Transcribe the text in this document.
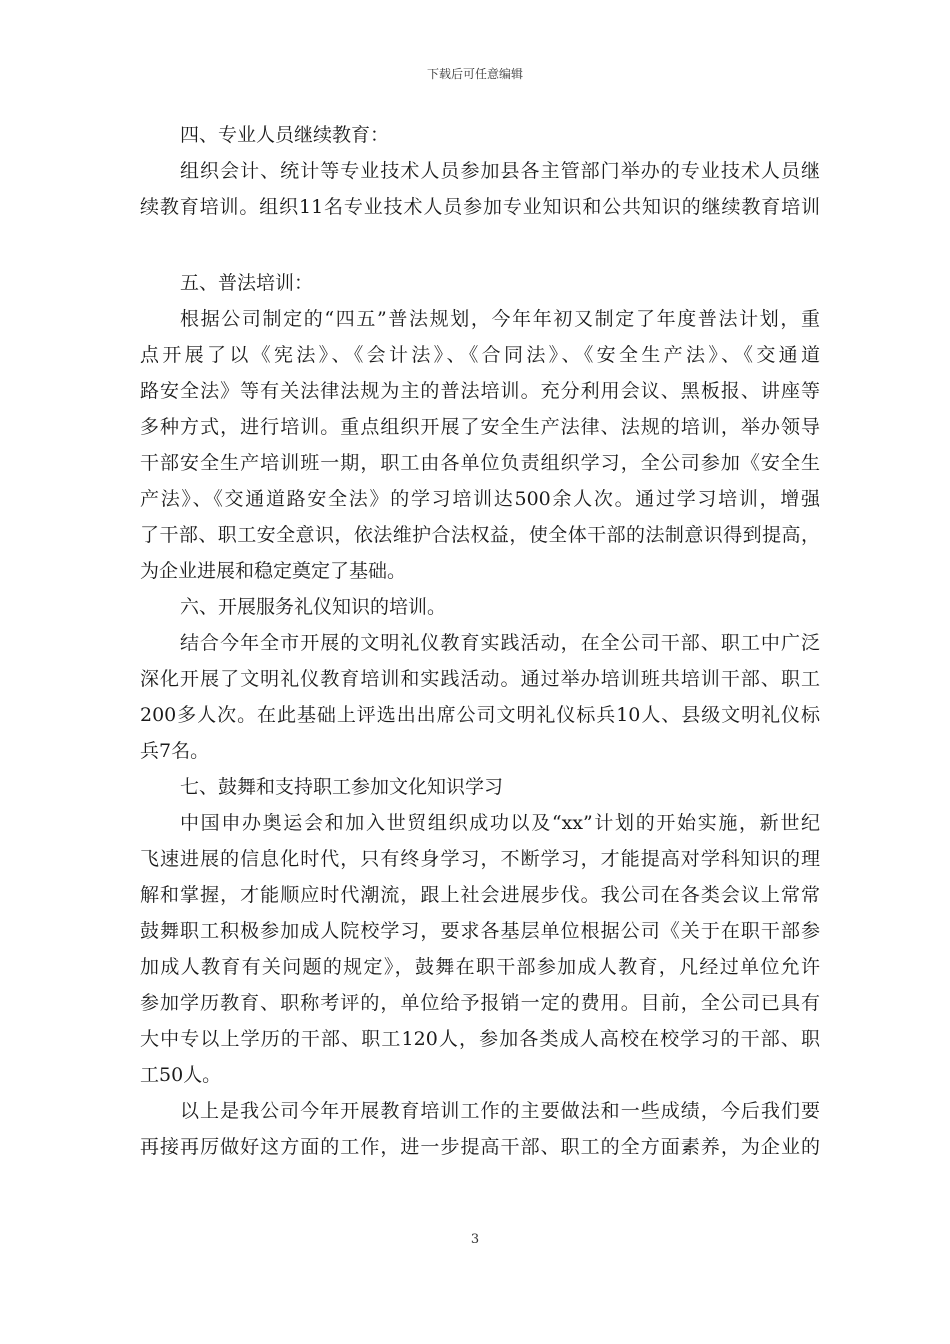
下载后可任意编辑
四、专业人员继续教育：
组织会计、统计等专业技术人员参加县各主管部门举办的专业技术人员继
续教育培训。组织11名专业技术人员参加专业知识和公共知识的继续教育培训
五、普法培训：
根据公司制定的“四五”普法规划，今年年初又制定了年度普法计划，重
点开展了以《宪法》、《会计法》、《合同法》、《安全生产法》、《交通道
路安全法》等有关法律法规为主的普法培训。充分利用会议、黑板报、讲座等
多种方式，进行培训。重点组织开展了安全生产法律、法规的培训，举办领导
干部安全生产培训班一期，职工由各单位负责组织学习，全公司参加《安全生
产法》、《交通道路安全法》的学习培训达500余人次。通过学习培训，增强
了干部、职工安全意识，依法维护合法权益，使全体干部的法制意识得到提高，
为企业进展和稳定奠定了基础。
六、开展服务礼仪知识的培训。
结合今年全市开展的文明礼仪教育实践活动，在全公司干部、职工中广泛
深化开展了文明礼仪教育培训和实践活动。通过举办培训班共培训干部、职工
200多人次。在此基础上评选出出席公司文明礼仪标兵10人、县级文明礼仪标
兵7名。
七、鼓舞和支持职工参加文化知识学习
中国申办奥运会和加入世贸组织成功以及“xx”计划的开始实施，新世纪
飞速进展的信息化时代，只有终身学习，不断学习，才能提高对学科知识的理
解和掌握，才能顺应时代潮流，跟上社会进展步伐。我公司在各类会议上常常
鼓舞职工积极参加成人院校学习，要求各基层单位根据公司《关于在职干部参
加成人教育有关问题的规定》，鼓舞在职干部参加成人教育，凡经过单位允许
参加学历教育、职称考评的，单位给予报销一定的费用。目前，全公司已具有
大中专以上学历的干部、职工120人，参加各类成人高校在校学习的干部、职
工50人。
以上是我公司今年开展教育培训工作的主要做法和一些成绩，今后我们要
再接再厉做好这方面的工作，进一步提高干部、职工的全方面素养，为企业的
3
